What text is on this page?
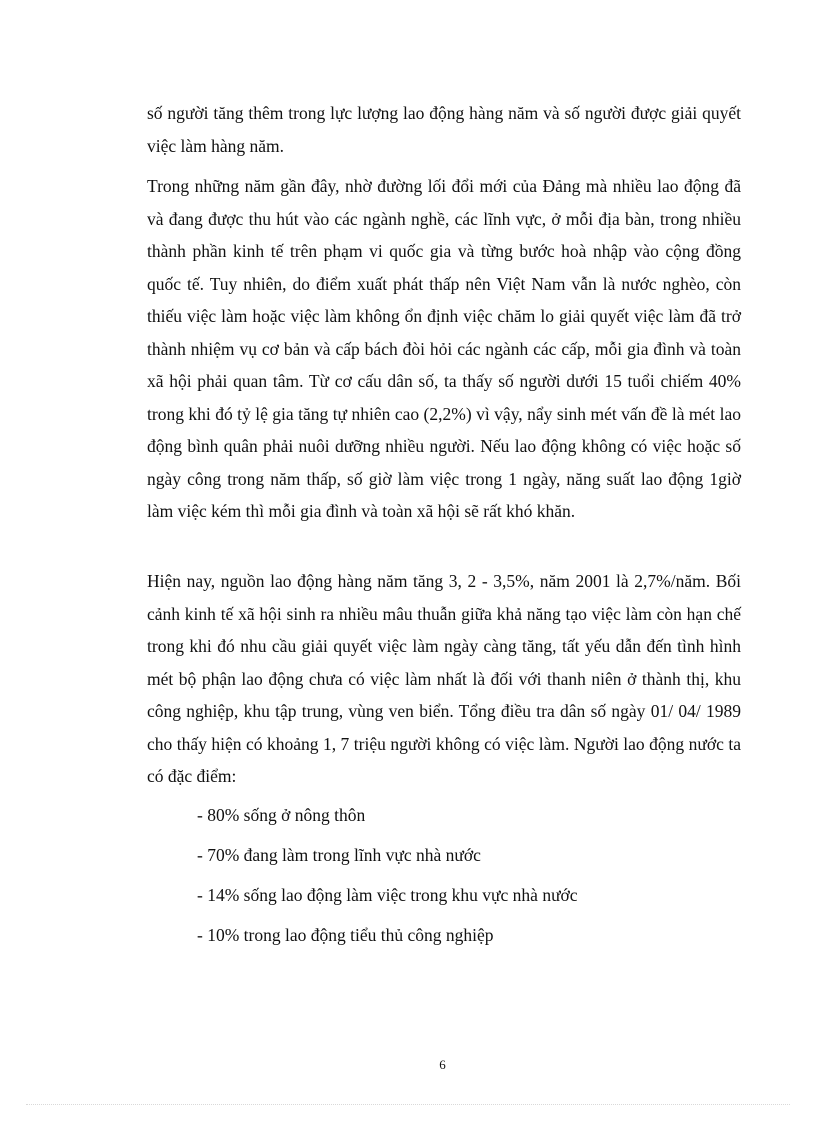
số người tăng thêm trong lực lượng lao động hàng năm và số người được giải quyết việc làm hàng năm.

Trong những năm gần đây, nhờ đường lối đổi mới của Đảng mà nhiều lao động đã và đang được thu hút vào các ngành nghề, các lĩnh vực, ở mỗi địa bàn, trong nhiều thành phần kinh tế trên phạm vi quốc gia và từng bước hoà nhập vào cộng đồng quốc tế. Tuy nhiên, do điểm xuất phát thấp nên Việt Nam vẫn là nước nghèo, còn thiếu việc làm hoặc việc làm không ổn định việc chăm lo giải quyết việc làm đã trở thành nhiệm vụ cơ bản và cấp bách đòi hỏi các ngành các cấp, mỗi gia đình và toàn xã hội phải quan tâm. Từ cơ cấu dân số, ta thấy số người dưới 15 tuổi chiếm 40% trong khi đó tỷ lệ gia tăng tự nhiên cao (2,2%) vì vậy, nẩy sinh mét vấn đề là mét lao động bình quân phải nuôi dưỡng nhiều người. Nếu lao động không có việc hoặc số ngày công trong năm thấp, số giờ làm việc trong 1 ngày, năng suất lao động 1giờ làm việc kém thì mỗi gia đình và toàn xã hội sẽ rất khó khăn.

Hiện nay, nguồn lao động hàng năm tăng 3, 2 - 3,5%, năm 2001 là 2,7%/năm. Bối cảnh kinh tế xã hội sinh ra nhiều mâu thuẫn giữa khả năng tạo việc làm còn hạn chế trong khi đó nhu cầu giải quyết việc làm ngày càng tăng, tất yếu dẫn đến tình hình mét bộ phận lao động chưa có việc làm nhất là đối với thanh niên ở thành thị, khu công nghiệp, khu tập trung, vùng ven biển. Tổng điều tra dân số ngày 01/ 04/ 1989 cho thấy hiện có khoảng 1, 7 triệu người không có việc làm. Người lao động nước ta có đặc điểm:

- 80% sống ở nông thôn

- 70% đang làm trong lĩnh vực nhà nước

- 14% sống lao động làm việc trong khu vực nhà nước

- 10% trong lao động tiểu thủ công nghiệp

6
